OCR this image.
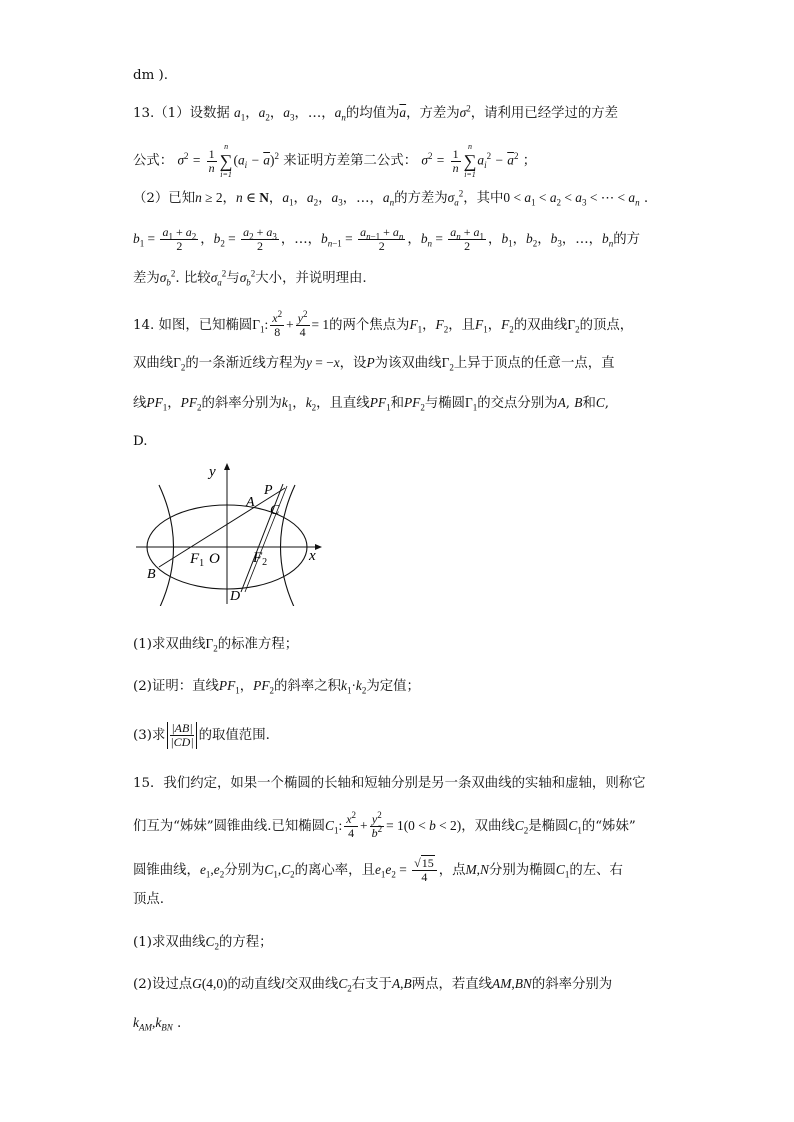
dm ).
13.（1）设数据 $a_1$，$a_2$，$a_3$，…，$a_n$的均值为$\overline{a}$，方差为$\sigma^2$，请利用已经学过的方差
公式： $\sigma^2 = \frac{1}{n}$
n
∑
i=1
$(a_i - \overline{a})^2$ 来证明方差第二公式： $\sigma^2 = \frac{1}{n}$
n
∑
i=1
$a_i^2 - \overline{a}^2$ ；
（2）已知n ≥ 2，n ∈ N，$a_1$，$a_2$，$a_3$，…，$a_n$的方差为$\sigma_a^2$，其中$0 < a_1 < a_2 < a_3$ < ⋯ < $a_n$ .
$b_1 = \frac{a_1 + a_2}{2}$ ，$b_2 = \frac{a_2 + a_3}{2}$ ，…，$b_{n-1} = \frac{a_{n-1} + a_n}{2}$ ，$b_n = \frac{a_n + a_1}{2}$ ，$b_1$，$b_2$，$b_3$，…，$b_n$的方
差为$\sigma_b^2$. 比较$\sigma_a^2$与$\sigma_b^2$大小，并说明理由.
14. 如图，已知椭圆$\Gamma_1$: $\frac{x^2}{8} + \frac{y^2}{4} = 1$的两个焦点为$F_1$，$F_2$，且$F_1$，$F_2$的双曲线$\Gamma_2$的顶点，
双曲线$\Gamma_2$的一条渐近线方程为y = −x，设P为该双曲线$\Gamma_2$上异于顶点的任意一点，直
线$PF_1$，$PF_2$的斜率分别为$k_1$，$k_2$，且直线$PF_1$和$PF_2$与椭圆$\Gamma_1$的交点分别为A, B和C,
D.
y
x
O
$F_1$	$F_2$
A
B
C
D
P
(1)求双曲线$\Gamma_2$的标准方程；
(2)证明：直线$PF_1$，$PF_2$的斜率之积$k_1\cdot k_2$为定值；
(3)求 $\frac{|AB|}{|CD|}$ 的取值范围.
15．我们约定，如果一个椭圆的长轴和短轴分别是另一条双曲线的实轴和虚轴，则称它
们互为“姊妹”圆锥曲线.已知椭圆$C_1$: $\frac{x^2}{4} + \frac{y^2}{b^2} = 1(0 < b < 2)$，双曲线$C_2$是椭圆$C_1$的“姊妹”
圆锥曲线，$e_1,e_2$分别为$C_1,C_2$的离心率，且$e_1e_2 = \frac{√15}{4}$ ，点M,N分别为椭圆$C_1$的左、右
顶点.
(1)求双曲线$C_2$的方程；
(2)设过点G(4,0)的动直线l交双曲线$C_2$右支于A,B两点，若直线AM,BN的斜率分别为
$k_{AM},k_{BN}$ .
